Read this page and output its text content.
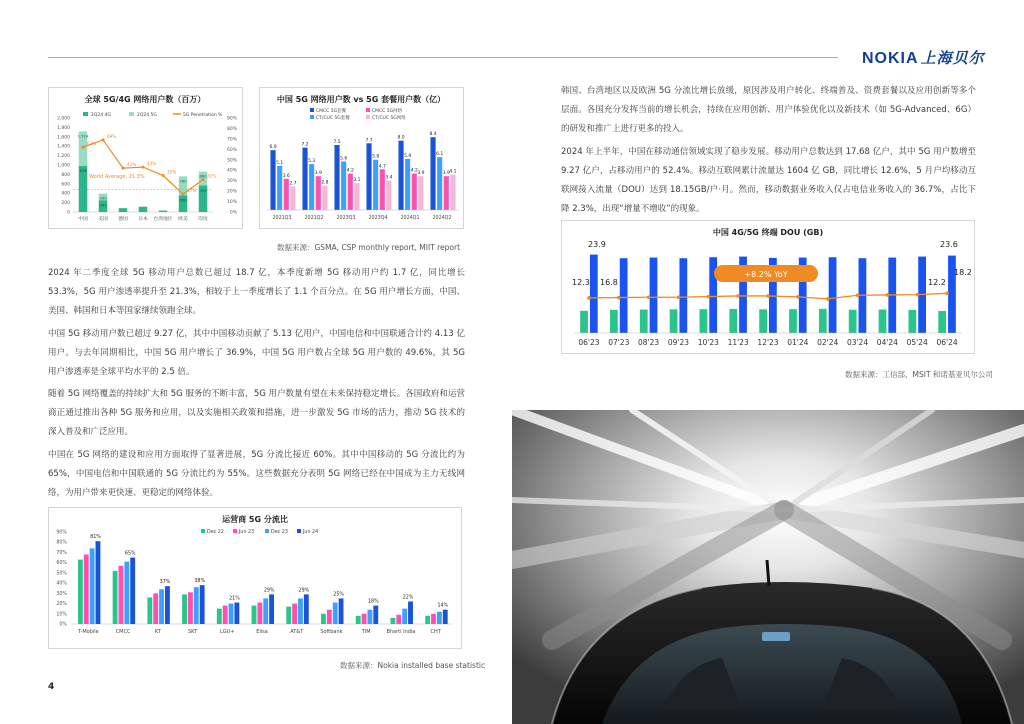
NOKIA 上海贝尔
全球 5G/4G 网络用户数（百万）
2Q24 4G	2Q24 5G	5G Penetration %
2,000
1,800
1,600
1,400
1,200
1,000
800
600
400
200
0
90%
80%
70%
60%
50%
40%
30%
20%
10%
0%
1,714
978
中国
390
247
美国 德国 日本 台湾地区
760
350
欧美
860
563
印度
62%
69%
42%	43%
35%
17%
31%
World Average: 21.3%
中国 5G 网络用户数 vs 5G 套餐用户数（亿）
CMCC 5G套餐	CMCC 5G网络
CT/CUC 5G套餐	CT/CUC 5G网络
6.9
5.1
3.6
2.7
2021Q3
7.2
5.3
3.9
2.8
2021Q2
7.5
5.6
4.2
3.1
2023Q3
7.7
5.8
4.7
3.4
2023Q4
8.0
5.9
4.2
3.9
2024Q1
8.4
6.1
3.9 4.1
2024Q2
数据来源：GSMA, CSP monthly report, MIIT report
2024 年二季度全球 5G 移动用户总数已超过 18.7 亿，本季度新增 5G 移动用户约 1.7 亿，同比增长 53.3%，5G 用户渗透率提升至 21.3%，相较于上一季度增长了 1.1 个百分点。在 5G 用户增长方面，中国、美国、韩国和日本等国家继续领跑全球。
中国 5G 移动用户数已超过 9.27 亿，其中中国移动贡献了 5.13 亿用户，中国电信和中国联通合计约 4.13 亿用户。与去年同期相比，中国 5G 用户增长了 36.9%，中国 5G 用户数占全球 5G 用户数的 49.6%，其 5G 用户渗透率是全球平均水平的 2.5 倍。
随着 5G 网络覆盖的持续扩大和 5G 服务的不断丰富，5G 用户数量有望在未来保持稳定增长。各国政府和运营商正通过推出各种 5G 服务和应用，以及实施相关政策和措施，进一步激发 5G 市场的活力，推动 5G 技术的深入普及和广泛应用。
中国在 5G 网络的建设和应用方面取得了显著进展，5G 分流比接近 60%。其中中国移动的 5G 分流比约为 65%，中国电信和中国联通的 5G 分流比约为 55%。这些数据充分表明 5G 网络已经在中国成为主力无线网络，为用户带来更快速、更稳定的网络体验。
运营商 5G 分流比
Dec 22	Jun 23	Dec 23	Jun 24
90%
80%
70%
60%
50%
40%
30%
20%
10%
0%
81%
T-Mobile
65%
CMCC
37%
KT
38%
SKT
21%
LGU+
29%
Elisa
29%
AT&T
25%
Softbank
18%
TIM
22%
Bharti India
14%
CHT
数据来源：Nokia installed base statistic
4
韩国、台湾地区以及欧洲 5G 分流比增长放缓，原因涉及用户转化、终端普及、资费套餐以及应用创新等多个层面。各国充分发挥当前的增长机会，持续在应用创新、用户体验优化以及新技术（如 5G-Advanced、6G）的研发和推广上进行更多的投入。
2024 年上半年，中国在移动通信领域实现了稳步发展。移动用户总数达到 17.68 亿户，其中 5G 用户数增至 9.27 亿户，占移动用户的 52.4%。移动互联网累计流量达 1604 亿 GB，同比增长 12.6%，5 月户均移动互联网接入流量（DOU）达到 18.15GB/户·月。然而，移动数据业务收入仅占电信业务收入的 36.7%，占比下降 2.3%，出现“增量不增收”的现象。
中国 4G/5G 终端 DOU (GB)
06'23 07'23 08'23 09'23 10'23 11'23 12'23 01'24 02'24 03'24 04'24 05'24 06'24
+8.2% YoY
23.9
12.3 16.8
23.6
12.2
18.2
数据来源：工信部，MSIT 和诺基亚贝尔公司
